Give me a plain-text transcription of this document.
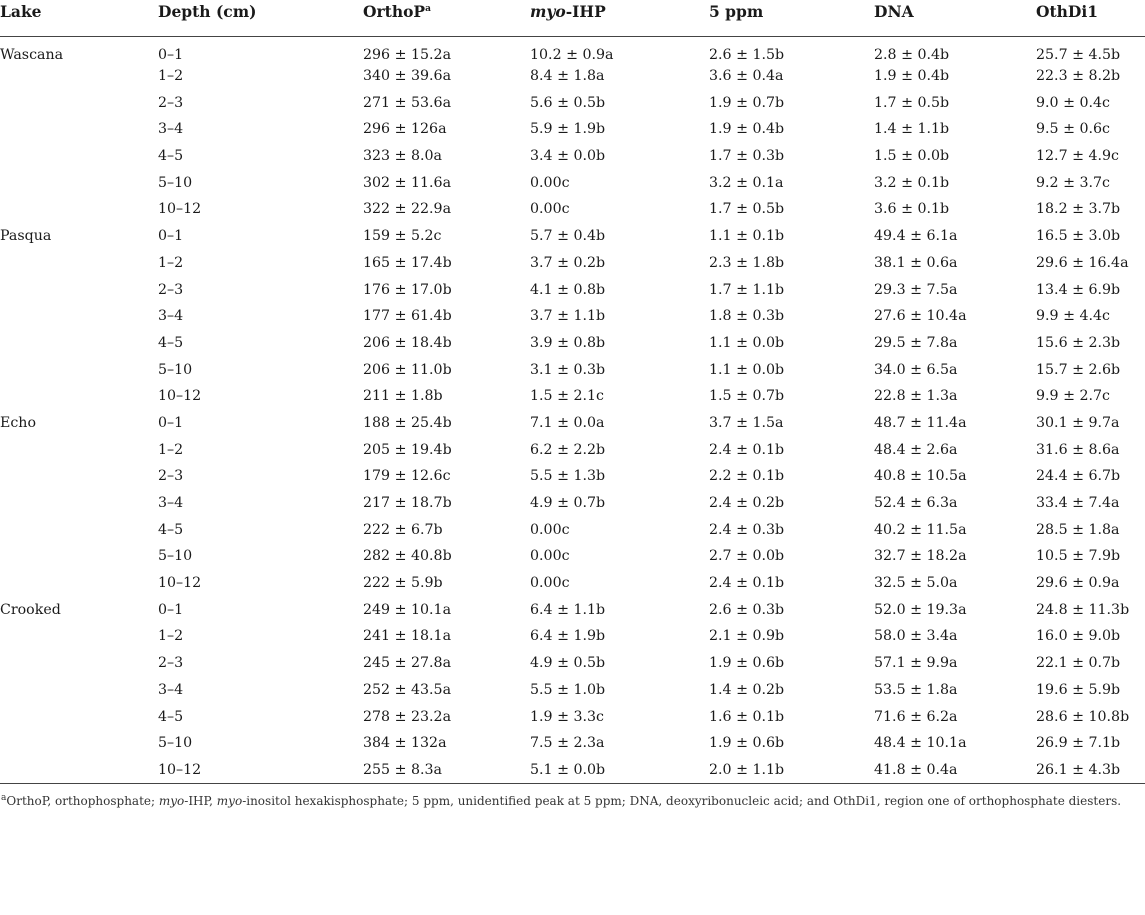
Lake	Depth (cm)	OrthoP$^a$	myo-IHP	5 ppm	DNA	OthDi1
Wascana	0–1	296 ± 15.2a	10.2 ± 0.9a	2.6 ± 1.5b	2.8 ± 0.4b	25.7 ± 4.5b
	1–2	340 ± 39.6a	8.4 ± 1.8a	3.6 ± 0.4a	1.9 ± 0.4b	22.3 ± 8.2b
	2–3	271 ± 53.6a	5.6 ± 0.5b	1.9 ± 0.7b	1.7 ± 0.5b	9.0 ± 0.4c
	3–4	296 ± 126a	5.9 ± 1.9b	1.9 ± 0.4b	1.4 ± 1.1b	9.5 ± 0.6c
	4–5	323 ± 8.0a	3.4 ± 0.0b	1.7 ± 0.3b	1.5 ± 0.0b	12.7 ± 4.9c
	5–10	302 ± 11.6a	0.00c	3.2 ± 0.1a	3.2 ± 0.1b	9.2 ± 3.7c
	10–12	322 ± 22.9a	0.00c	1.7 ± 0.5b	3.6 ± 0.1b	18.2 ± 3.7b
Pasqua	0–1	159 ± 5.2c	5.7 ± 0.4b	1.1 ± 0.1b	49.4 ± 6.1a	16.5 ± 3.0b
	1–2	165 ± 17.4b	3.7 ± 0.2b	2.3 ± 1.8b	38.1 ± 0.6a	29.6 ± 16.4a
	2–3	176 ± 17.0b	4.1 ± 0.8b	1.7 ± 1.1b	29.3 ± 7.5a	13.4 ± 6.9b
	3–4	177 ± 61.4b	3.7 ± 1.1b	1.8 ± 0.3b	27.6 ± 10.4a	9.9 ± 4.4c
	4–5	206 ± 18.4b	3.9 ± 0.8b	1.1 ± 0.0b	29.5 ± 7.8a	15.6 ± 2.3b
	5–10	206 ± 11.0b	3.1 ± 0.3b	1.1 ± 0.0b	34.0 ± 6.5a	15.7 ± 2.6b
	10–12	211 ± 1.8b	1.5 ± 2.1c	1.5 ± 0.7b	22.8 ± 1.3a	9.9 ± 2.7c
Echo	0–1	188 ± 25.4b	7.1 ± 0.0a	3.7 ± 1.5a	48.7 ± 11.4a	30.1 ± 9.7a
	1–2	205 ± 19.4b	6.2 ± 2.2b	2.4 ± 0.1b	48.4 ± 2.6a	31.6 ± 8.6a
	2–3	179 ± 12.6c	5.5 ± 1.3b	2.2 ± 0.1b	40.8 ± 10.5a	24.4 ± 6.7b
	3–4	217 ± 18.7b	4.9 ± 0.7b	2.4 ± 0.2b	52.4 ± 6.3a	33.4 ± 7.4a
	4–5	222 ± 6.7b	0.00c	2.4 ± 0.3b	40.2 ± 11.5a	28.5 ± 1.8a
	5–10	282 ± 40.8b	0.00c	2.7 ± 0.0b	32.7 ± 18.2a	10.5 ± 7.9b
	10–12	222 ± 5.9b	0.00c	2.4 ± 0.1b	32.5 ± 5.0a	29.6 ± 0.9a
Crooked	0–1	249 ± 10.1a	6.4 ± 1.1b	2.6 ± 0.3b	52.0 ± 19.3a	24.8 ± 11.3b
	1–2	241 ± 18.1a	6.4 ± 1.9b	2.1 ± 0.9b	58.0 ± 3.4a	16.0 ± 9.0b
	2–3	245 ± 27.8a	4.9 ± 0.5b	1.9 ± 0.6b	57.1 ± 9.9a	22.1 ± 0.7b
	3–4	252 ± 43.5a	5.5 ± 1.0b	1.4 ± 0.2b	53.5 ± 1.8a	19.6 ± 5.9b
	4–5	278 ± 23.2a	1.9 ± 3.3c	1.6 ± 0.1b	71.6 ± 6.2a	28.6 ± 10.8b
	5–10	384 ± 132a	7.5 ± 2.3a	1.9 ± 0.6b	48.4 ± 10.1a	26.9 ± 7.1b
	10–12	255 ± 8.3a	5.1 ± 0.0b	2.0 ± 1.1b	41.8 ± 0.4a	26.1 ± 4.3b
$^a$OrthoP, orthophosphate; myo-IHP, myo-inositol hexakisphosphate; 5 ppm, unidentified peak at 5 ppm; DNA, deoxyribonucleic acid; and OthDi1, region one of orthophosphate diesters.						
